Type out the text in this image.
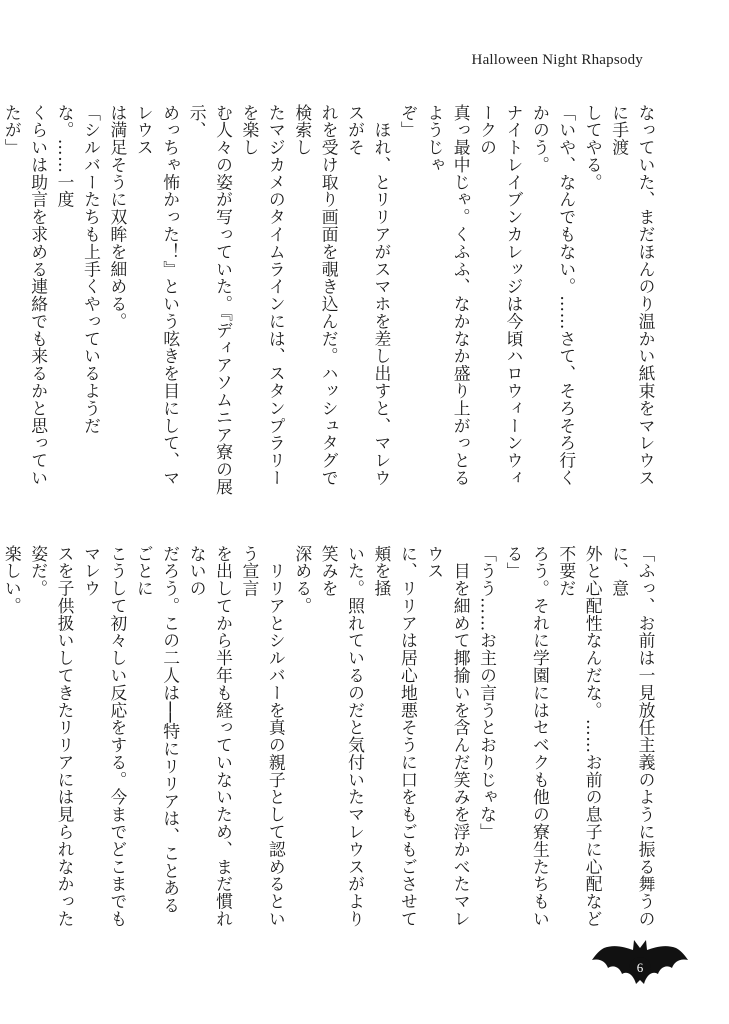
Halloween Night Rhapsody

なっていた、まだほんのり温かい紙束をマレウスに手渡

してやる。

「いや、なんでもない。……さて、そろそろ行くかのう。

ナイトレイブンカレッジは今頃ハロウィーンウィークの

真っ最中じゃ。くふふ、なかなか盛り上がっとるようじゃ

ぞ」

　ほれ、とリリアがスマホを差し出すと、マレウスがそ

れを受け取り画面を覗き込んだ。ハッシュタグで検索し

たマジカメのタイムラインには、スタンプラリーを楽し

む人々の姿が写っていた。『ディアソムニア寮の展示、

めっちゃ怖かった！』という呟きを目にして、マレウス

は満足そうに双眸を細める。

「シルバーたちも上手くやっているようだな。……一度

くらいは助言を求める連絡でも来るかと思っていたが」

「ふっ、お前は一見放任主義のように振る舞うのに、意

外と心配性なんだな。……お前の息子に心配など不要だ

ろう。それに学園にはセベクも他の寮生たちもいる」

「うう……お主の言うとおりじゃな」

　目を細めて揶揄いを含んだ笑みを浮かべたマレウス

に、リリアは居心地悪そうに口をもごもごさせて頬を掻

いた。照れているのだと気付いたマレウスがより笑みを

深める。

　リリアとシルバーを真の親子として認めるという宣言

を出してから半年も経っていないため、まだ慣れないの

だろう。この二人は──特にリリアは、ことあるごとに

こうして初々しい反応をする。今までどこまでもマレウ

スを子供扱いしてきたリリアには見られなかった姿だ。

楽しい。

6
